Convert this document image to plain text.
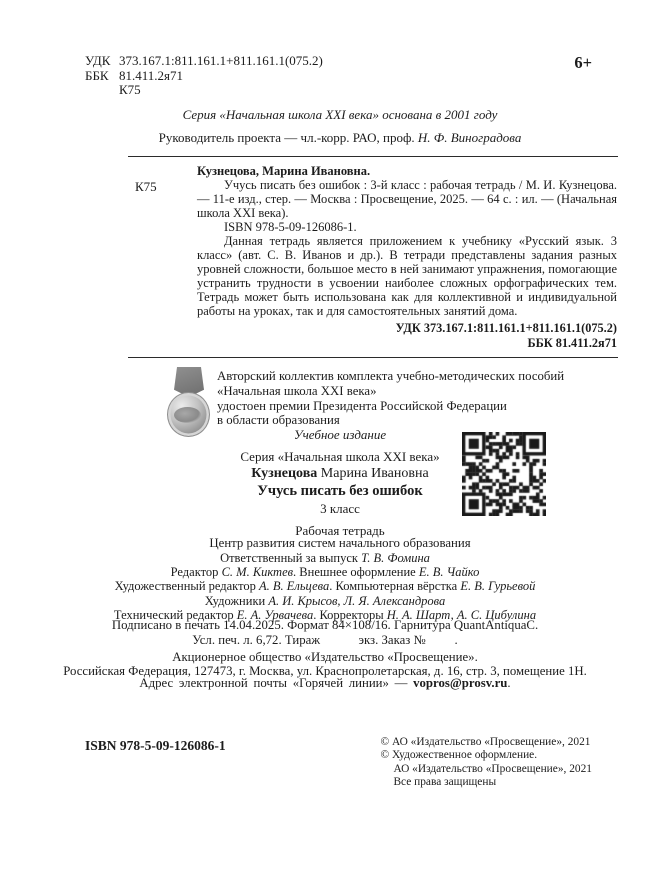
УДК 373.167.1:811.161.1+811.161.1(075.2)
ББК 81.411.2я71
К75
6+
Серия «Начальная школа XXI века» основана в 2001 году
Руководитель проекта — чл.-корр. РАО, проф. Н. Ф. Виноградова
К75

Кузнецова, Марина Ивановна.

Учусь писать без ошибок : 3-й класс : рабочая тетрадь / М. И. Кузнецова. — 11-е изд., стер. — Москва : Просвещение, 2025. — 64 с. : ил. — (Начальная школа XXI века).

ISBN 978-5-09-126086-1.

Данная тетрадь является приложением к учебнику «Русский язык. 3 класс» (авт. С. В. Иванов и др.). В тетради представлены задания разных уровней сложности, большое место в ней занимают упражнения, помогающие устранить трудности в усвоении наиболее сложных орфографических тем. Тетрадь может быть использована как для коллективной и индивидуальной работы на уроках, так и для самостоятельных занятий дома.

УДК 373.167.1:811.161.1+811.161.1(075.2)
ББК 81.411.2я71
Авторский коллектив комплекта учебно-методических пособий
«Начальная школа XXI века»
удостоен премии Президента Российской Федерации
в области образования
Учебное издание
Серия «Начальная школа XXI века»
Кузнецова Марина Ивановна
Учусь писать без ошибок
3 класс
Рабочая тетрадь
Центр развития систем начального образования
Ответственный за выпуск Т. В. Фомина
Редактор С. М. Киктев. Внешнее оформление Е. В. Чайко
Художественный редактор А. В. Ельцева. Компьютерная вёрстка Е. В. Гурьевой
Художники А. И. Крысов, Л. Я. Александрова
Технический редактор Е. А. Урвачева. Корректоры Н. А. Шарт, А. С. Цибулина
Подписано в печать 14.04.2025. Формат 84×108/16. Гарнитура QuantAntiquaC.
Усл. печ. л. 6,72. Тираж            экз. Заказ №         .
Акционерное общество «Издательство «Просвещение».
Российская Федерация, 127473, г. Москва, ул. Краснопролетарская, д. 16, стр. 3, помещение 1Н.
Адрес электронной почты «Горячей линии» — vopros@prosv.ru.
ISBN 978-5-09-126086-1	© АО «Издательство «Просвещение», 2021
© Художественное оформление.
АО «Издательство «Просвещение», 2021
Все права защищены
